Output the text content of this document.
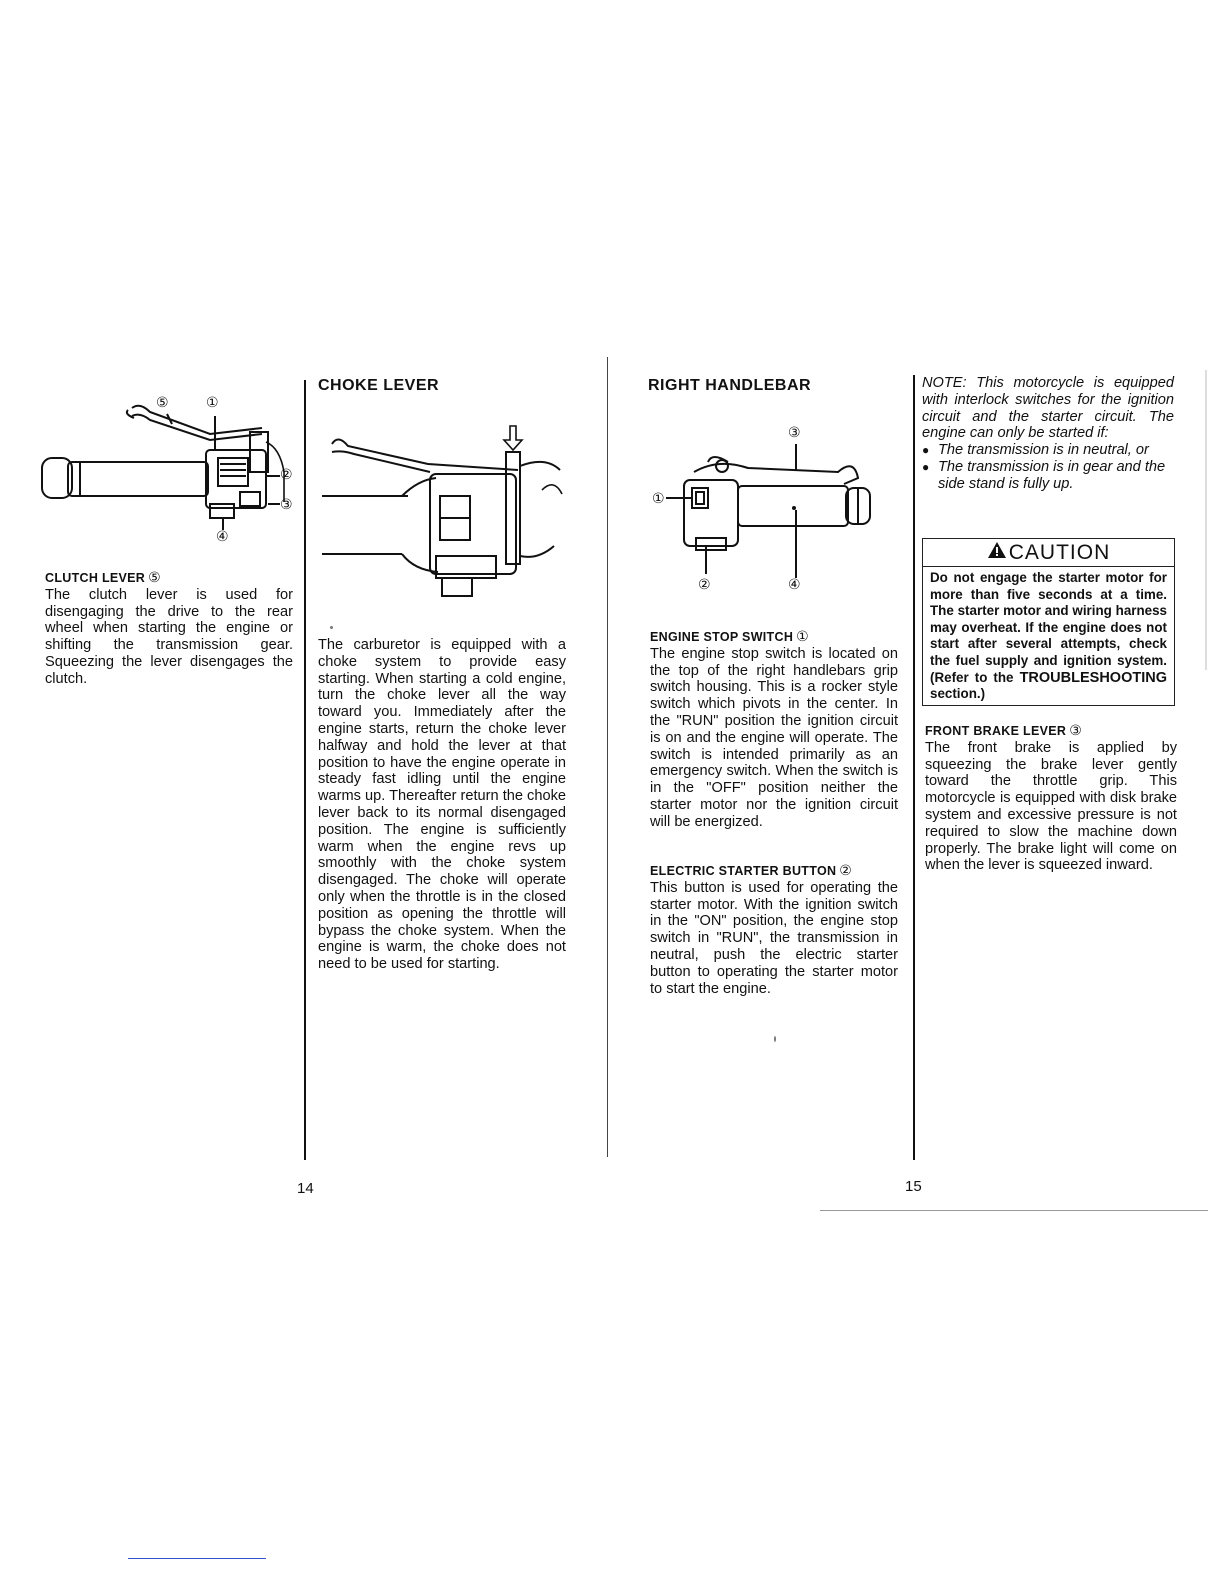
⑤	①
②
③
④
CLUTCH LEVER ⑤

The clutch lever is used for disengaging the drive to the rear wheel when starting the engine or shifting the transmission gear. Squeezing the lever disengages the clutch.

CHOKE LEVER

The carburetor is equipped with a choke system to provide easy starting. When starting a cold engine, turn the choke lever all the way toward you. Immediately after the engine starts, return the choke lever halfway and hold the lever at that position to have the engine operate in steady fast idling until the engine warms up. Thereafter return the choke lever back to its normal disengaged position. The engine is sufficiently warm when the engine revs up smoothly with the choke system disengaged. The choke will operate only when the throttle is in the closed position as opening the throttle will bypass the choke system. When the engine is warm, the choke does not need to be used for starting.

14
RIGHT HANDLEBAR
③
①
②	④
ENGINE STOP SWITCH ①

The engine stop switch is located on the top of the right handlebars grip switch housing. This is a rocker style switch which pivots in the center. In the "RUN" position the ignition circuit is on and the engine will operate. The switch is intended primarily as an emergency switch. When the switch is in the "OFF" position neither the starter motor nor the ignition circuit will be energized.

ELECTRIC STARTER BUTTON ②

This button is used for operating the starter motor. With the ignition switch in the "ON" position, the engine stop switch in "RUN", the transmission in neutral, push the electric starter button to operating the starter motor to start the engine.

15

NOTE: This motorcycle is equipped with interlock switches for the ignition circuit and the starter circuit. The engine can only be started if:

● The transmission is in neutral, or
● The transmission is in gear and the side stand is fully up.
CAUTION
Do not engage the starter motor for more than five seconds at a time. The starter motor and wiring harness may overheat. If the engine does not start after several attempts, check the fuel supply and ignition system. (Refer to the TROUBLESHOOTING section.)
FRONT BRAKE LEVER ③

The front brake is applied by squeezing the brake lever gently toward the throttle grip. This motorcycle is equipped with disk brake system and excessive pressure is not required to slow the machine down properly. The brake light will come on when the lever is squeezed inward.
